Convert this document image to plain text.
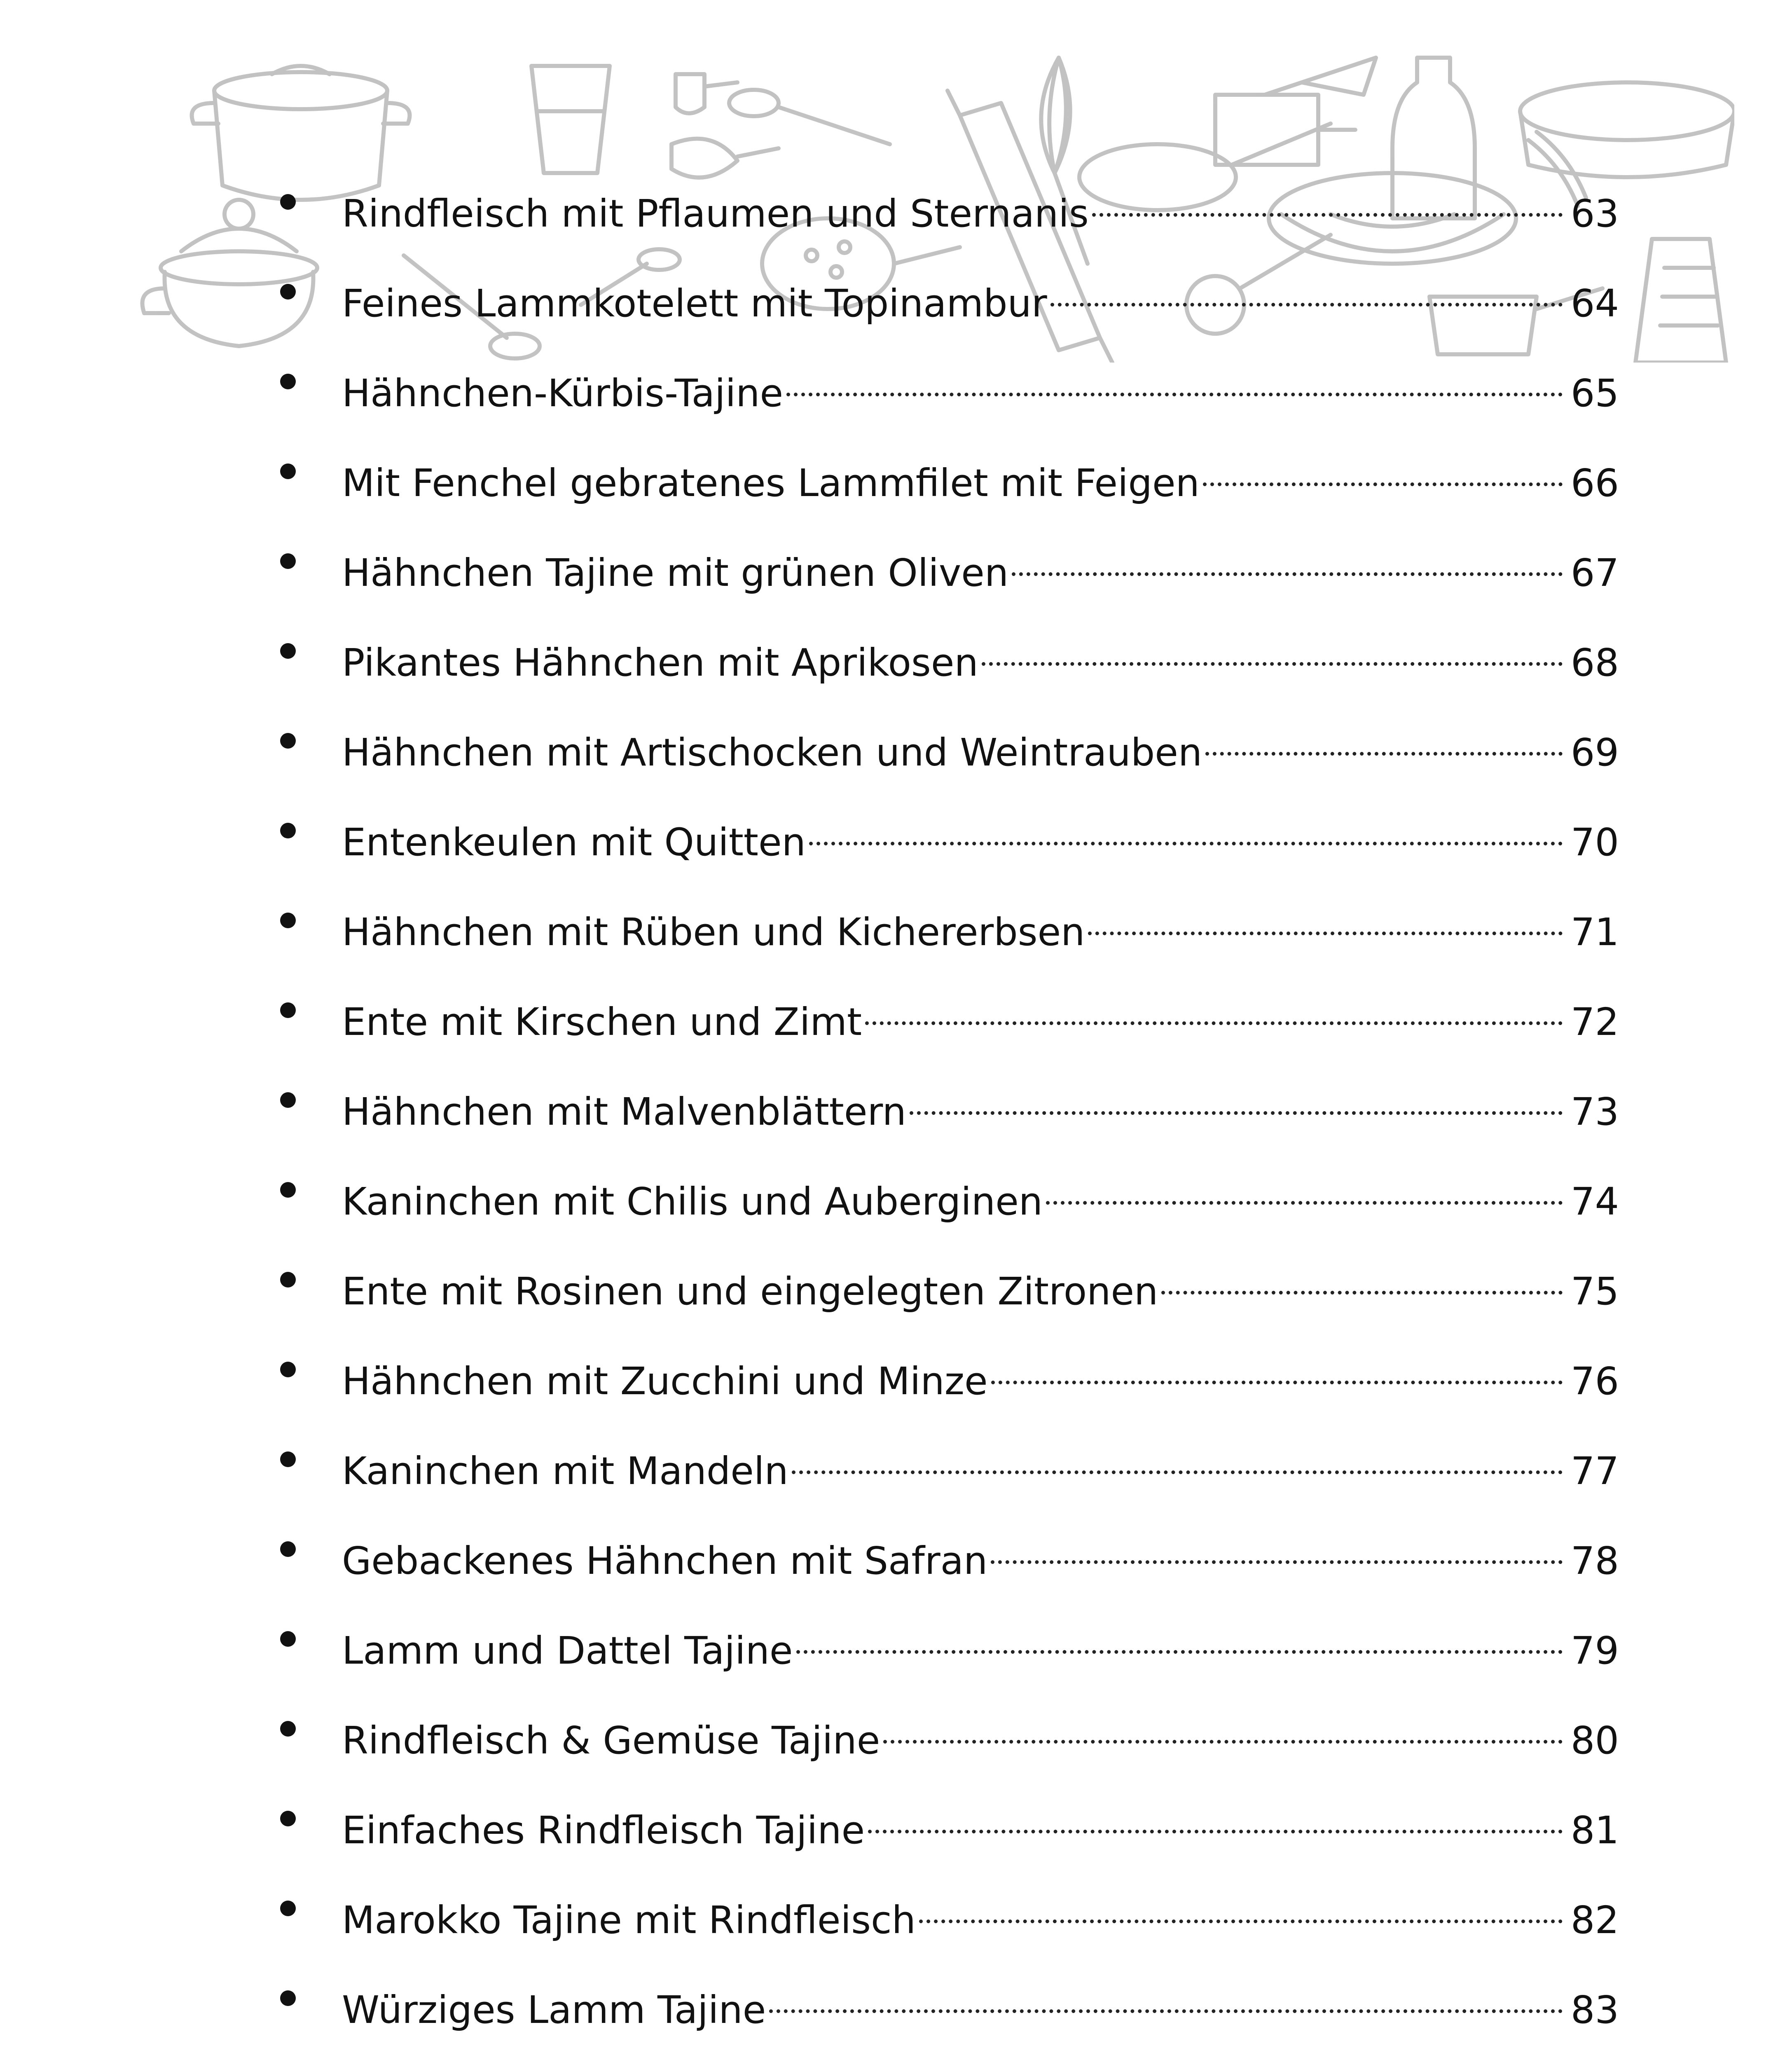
Rindfleisch mit Pflaumen und Sternanis	63
Feines Lammkotelett mit Topinambur	64
Hähnchen-Kürbis-Tajine	65
Mit Fenchel gebratenes Lammfilet mit Feigen	66
Hähnchen Tajine mit grünen Oliven	67
Pikantes Hähnchen mit Aprikosen	68
Hähnchen mit Artischocken und Weintrauben	69
Entenkeulen mit Quitten	70
Hähnchen mit Rüben und Kichererbsen	71
Ente mit Kirschen und Zimt	72
Hähnchen mit Malvenblättern	73
Kaninchen mit Chilis und Auberginen	74
Ente mit Rosinen und eingelegten Zitronen	75
Hähnchen mit Zucchini und Minze	76
Kaninchen mit Mandeln	77
Gebackenes Hähnchen mit Safran	78
Lamm und Dattel Tajine	79
Rindfleisch & Gemüse Tajine	80
Einfaches Rindfleisch Tajine	81
Marokko Tajine mit Rindfleisch	82
Würziges Lamm Tajine	83
